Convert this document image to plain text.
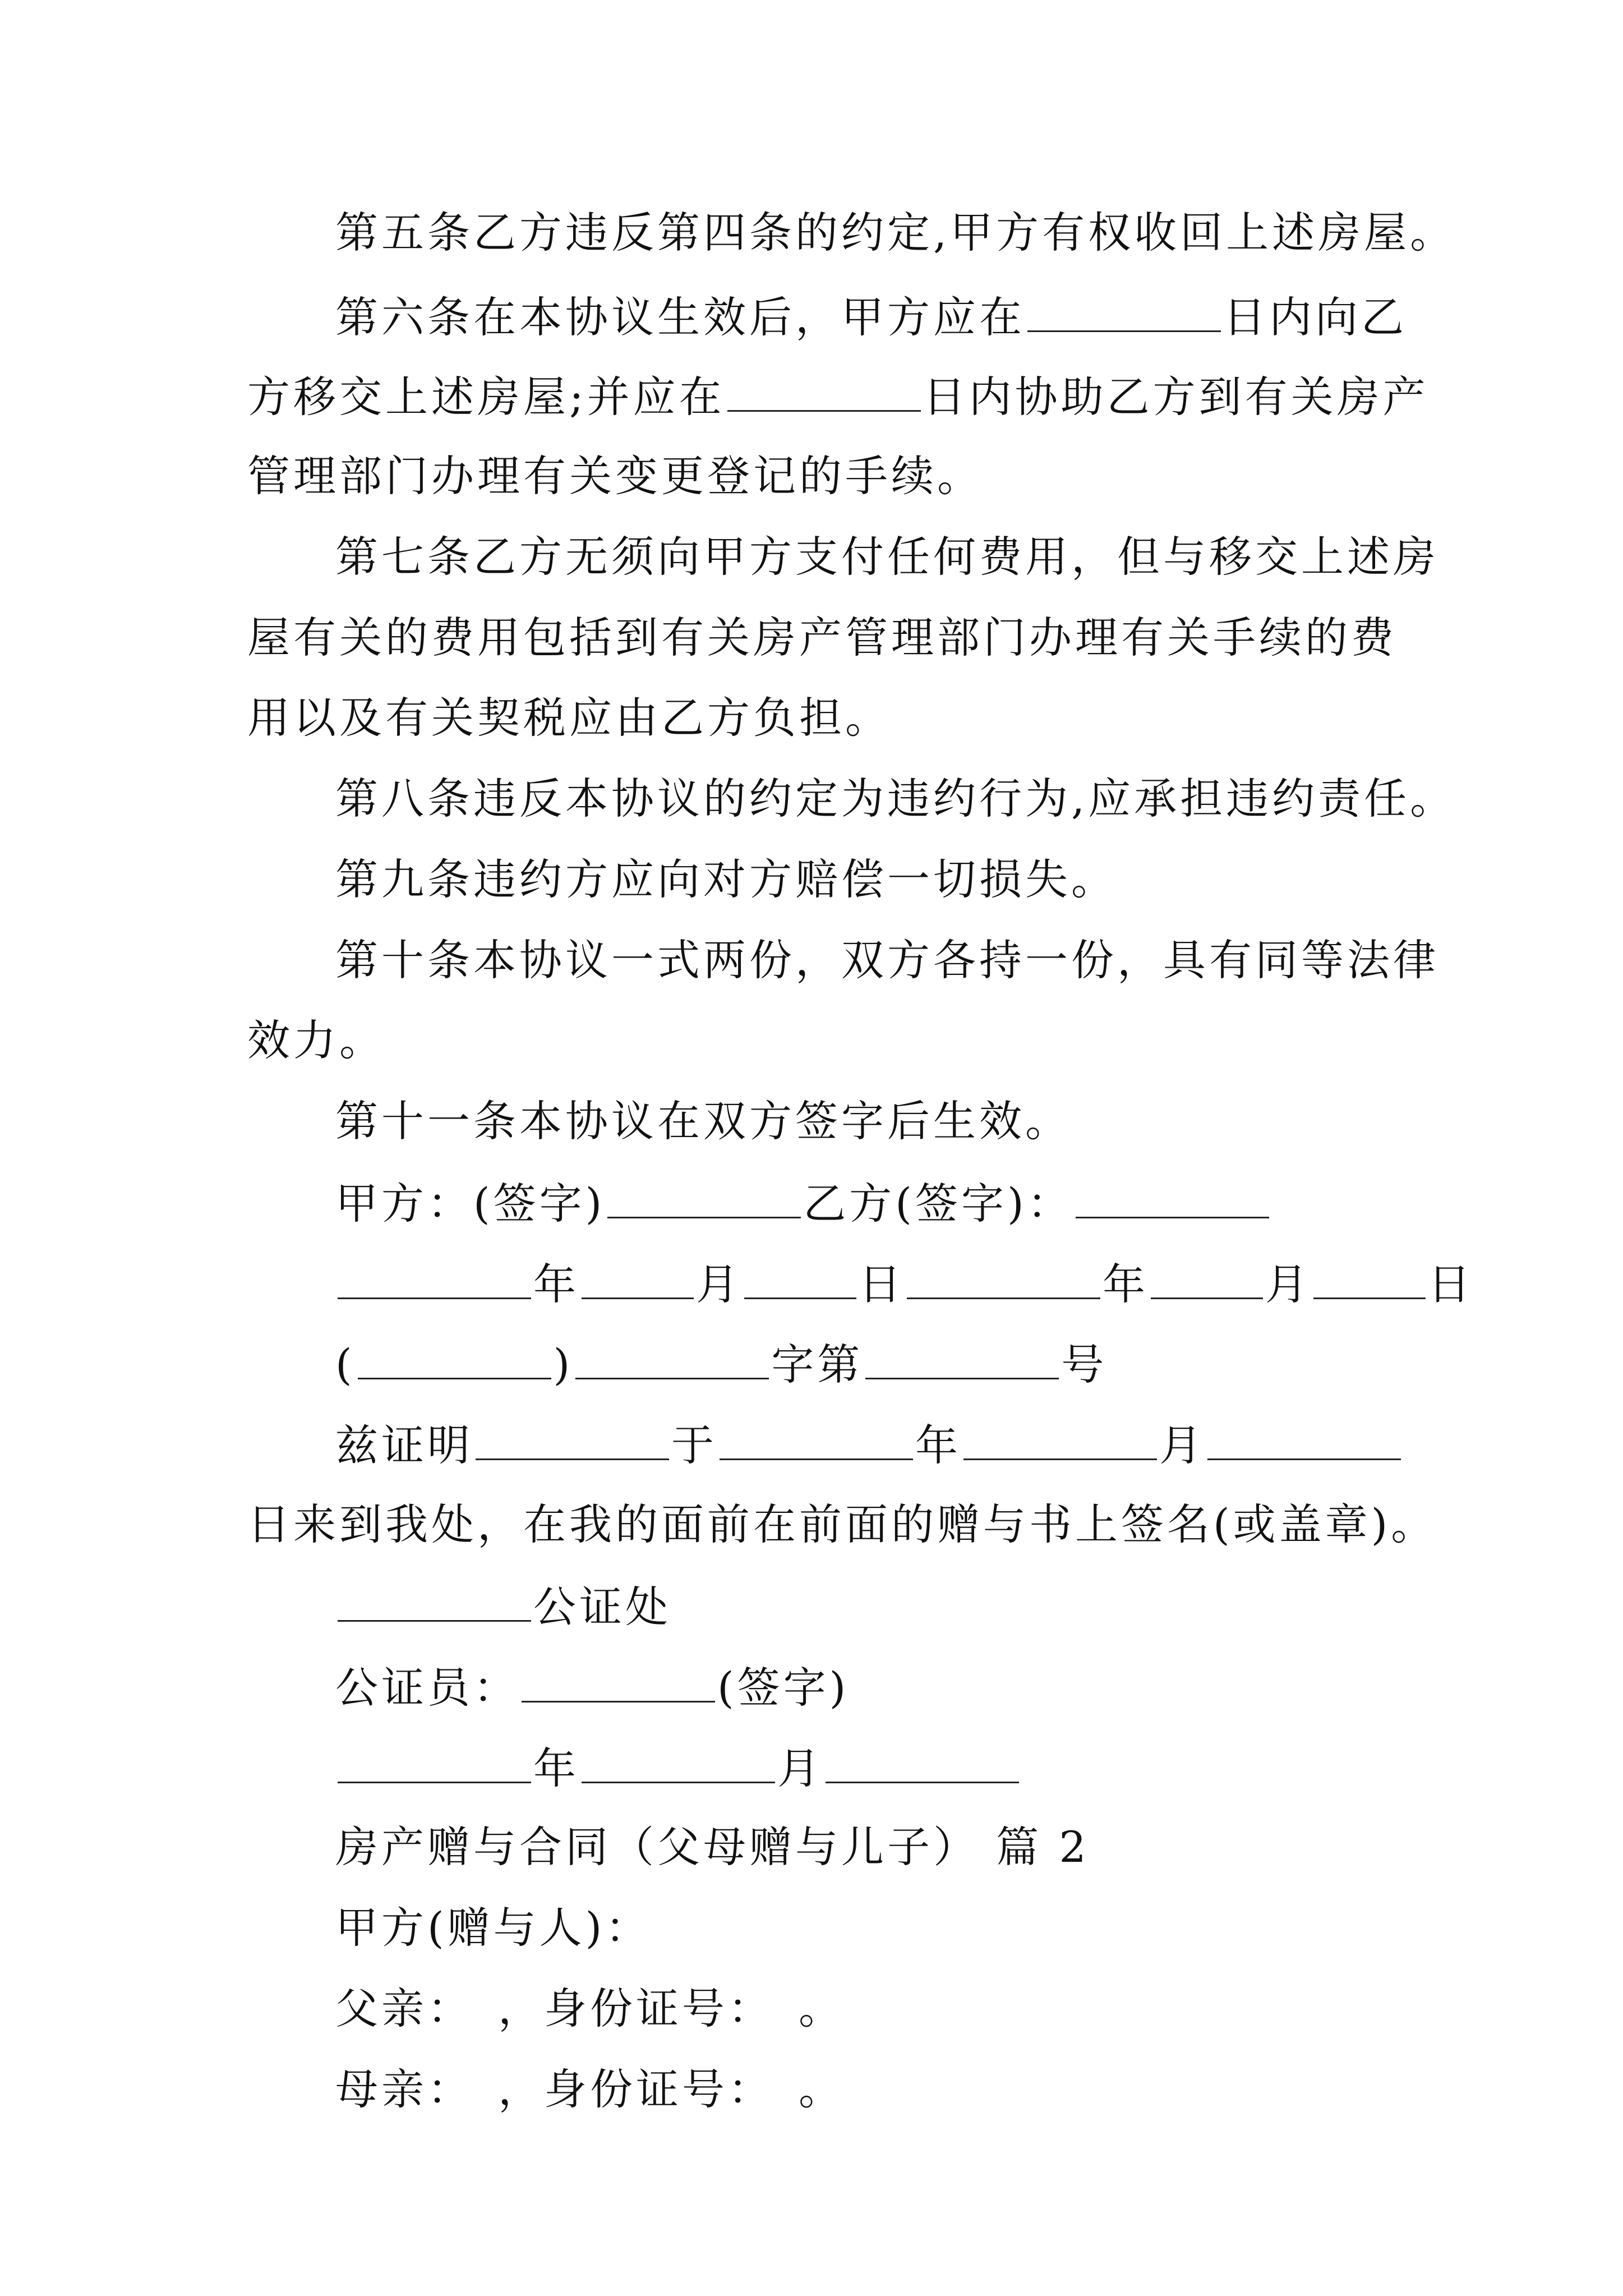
第五条乙方违反第四条的约定,甲方有权收回上述房屋。
第六条在本协议生效后，甲方应在	日内向乙
方移交上述房屋;并应在	日内协助乙方到有关房产
管理部门办理有关变更登记的手续。
第七条乙方无须向甲方支付任何费用，但与移交上述房
屋有关的费用包括到有关房产管理部门办理有关手续的费
用以及有关契税应由乙方负担。
第八条违反本协议的约定为违约行为,应承担违约责任。
第九条违约方应向对方赔偿一切损失。
第十条本协议一式两份，双方各持一份，具有同等法律
效力。
第十一条本协议在双方签字后生效。
甲方：(签字)	乙方(签字)：
年	月	日	年	月	日
(	)	字第	号
兹证明	于	年	月
日来到我处，在我的面前在前面的赠与书上签名(或盖章)。
公证处
公证员：	(签字)
年	月
房产赠与合同（父母赠与儿子） 篇 2
甲方(赠与人)：
父亲：　，身份证号：　。
母亲：　，身份证号：　。
